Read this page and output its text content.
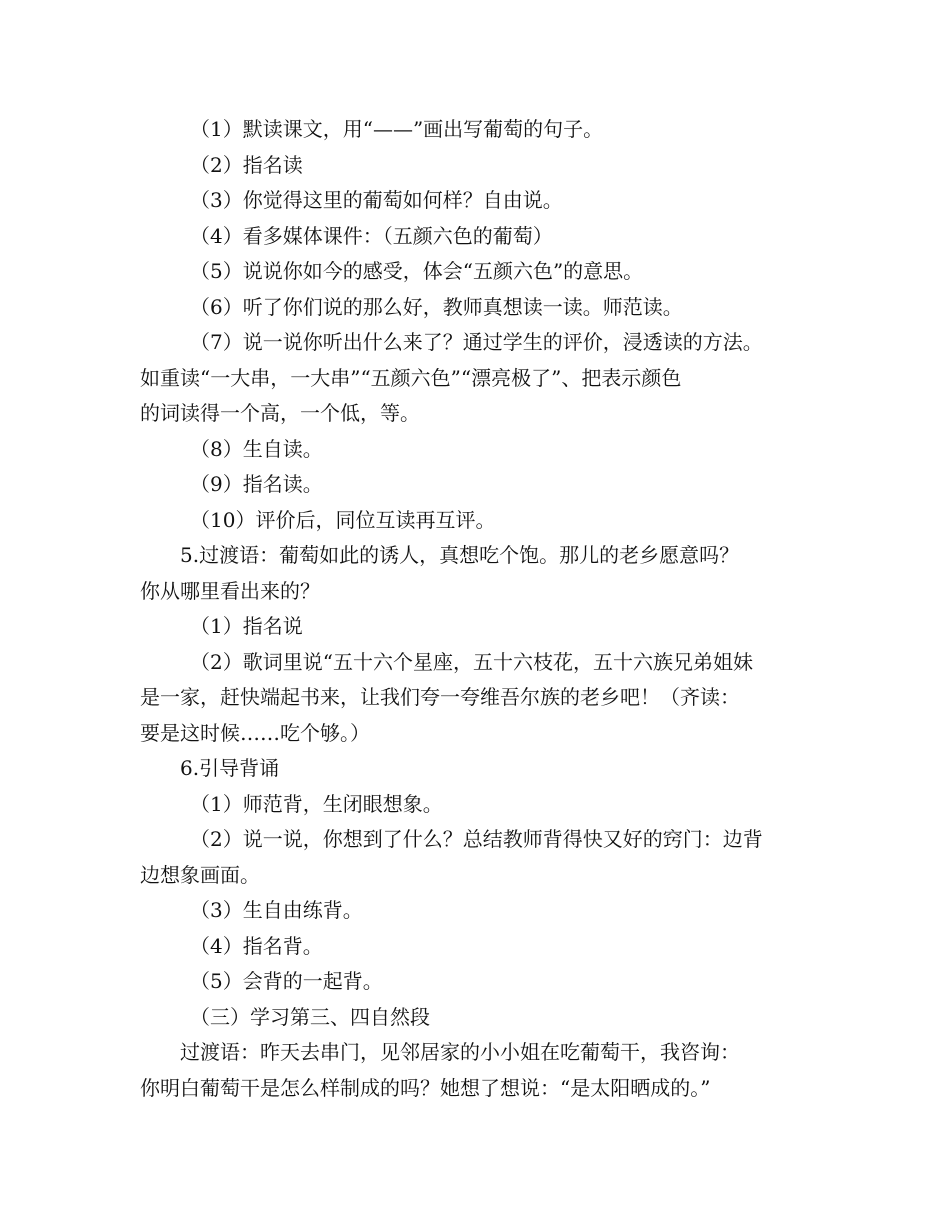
（1）默读课文，用“——”画出写葡萄的句子。
（2）指名读
（3）你觉得这里的葡萄如何样？自由说。
（4）看多媒体课件：（五颜六色的葡萄）
（5）说说你如今的感受，体会“五颜六色”的意思。
（6）听了你们说的那么好，教师真想读一读。师范读。
（7）说一说你听出什么来了？通过学生的评价，浸透读的方法。
如重读“一大串，一大串”“五颜六色”“漂亮极了”、把表示颜色
的词读得一个高，一个低，等。
（8）生自读。
（9）指名读。
（10）评价后，同位互读再互评。
5.过渡语：葡萄如此的诱人，真想吃个饱。那儿的老乡愿意吗？
你从哪里看出来的？
（1）指名说
（2）歌词里说“五十六个星座，五十六枝花，五十六族兄弟姐妹
是一家，赶快端起书来，让我们夸一夸维吾尔族的老乡吧！（齐读：
要是这时候……吃个够。）
6.引导背诵
（1）师范背，生闭眼想象。
（2）说一说，你想到了什么？总结教师背得快又好的窍门：边背
边想象画面。
（3）生自由练背。
（4）指名背。
（5）会背的一起背。
（三）学习第三、四自然段
过渡语：昨天去串门，见邻居家的小小姐在吃葡萄干，我咨询：
你明白葡萄干是怎么样制成的吗？她想了想说：“是太阳晒成的。”
